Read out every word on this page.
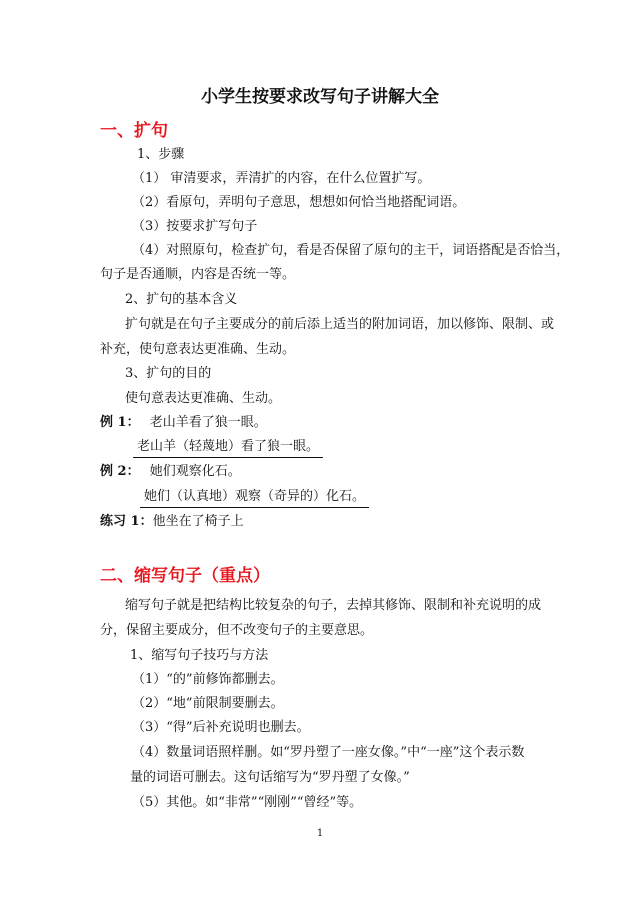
小学生按要求改写句子讲解大全
一、扩句
1、步骤
（1） 审清要求，弄清扩的内容，在什么位置扩写。
（2）看原句，弄明句子意思，想想如何恰当地搭配词语。
（3）按要求扩写句子
（4）对照原句，检查扩句，看是否保留了原句的主干，词语搭配是否恰当，
句子是否通顺，内容是否统一等。
2、扩句的基本含义
扩句就是在句子主要成分的前后添上适当的附加词语，加以修饰、限制、或
补充，使句意表达更准确、生动。
3、扩句的目的
使句意表达更准确、生动。
例 1： 老山羊看了狼一眼。
老山羊（轻蔑地）看了狼一眼。
例 2： 她们观察化石。
她们（认真地）观察（奇异的）化石。
练习 1：他坐在了椅子上
二、缩写句子（重点）
缩写句子就是把结构比较复杂的句子，去掉其修饰、限制和补充说明的成
分，保留主要成分，但不改变句子的主要意思。
1、缩写句子技巧与方法
（1）“的”前修饰都删去。
（2）“地”前限制要删去。
（3）“得”后补充说明也删去。
（4）数量词语照样删。如“罗丹塑了一座女像。”中“一座”这个表示数
量的词语可删去。这句话缩写为“罗丹塑了女像。”
（5）其他。如“非常”“刚刚”“曾经”等。
1
